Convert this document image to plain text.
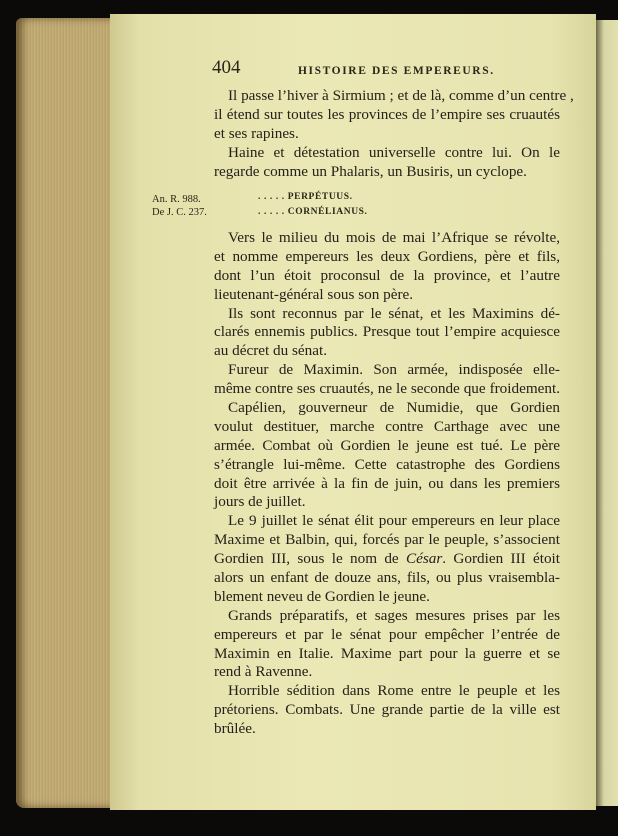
404	HISTOIRE DES EMPEREURS.
Il passe l’hiver à Sirmium ; et de là, comme d’un centre ,
il étend sur toutes les provinces de l’empire ses cruautés
et ses rapines.
Haine et détestation universelle contre lui. On le
regarde comme un Phalaris, un Busiris, un cyclope.
An. R. 988.
De J. C. 237.
. . . . . PERPÉTUUS.
. . . . . CORNÉLIANUS.
Vers le milieu du mois de mai l’Afrique se révolte,
et nomme empereurs les deux Gordiens, père et fils,
dont l’un étoit proconsul de la province, et l’autre
lieutenant-général sous son père.
Ils sont reconnus par le sénat, et les Maximins dé-
clarés ennemis publics. Presque tout l’empire acquiesce
au décret du sénat.
Fureur de Maximin. Son armée, indisposée elle-
même contre ses cruautés, ne le seconde que froidement.
Capélien, gouverneur de Numidie, que Gordien
voulut destituer, marche contre Carthage avec une
armée. Combat où Gordien le jeune est tué. Le père
s’étrangle lui-même. Cette catastrophe des Gordiens
doit être arrivée à la fin de juin, ou dans les premiers
jours de juillet.
Le 9 juillet le sénat élit pour empereurs en leur place
Maxime et Balbin, qui, forcés par le peuple, s’associent
Gordien III, sous le nom de César. Gordien III étoit
alors un enfant de douze ans, fils, ou plus vraisembla-
blement neveu de Gordien le jeune.
Grands préparatifs, et sages mesures prises par les
empereurs et par le sénat pour empêcher l’entrée de
Maximin en Italie. Maxime part pour la guerre et se
rend à Ravenne.
Horrible sédition dans Rome entre le peuple et les
prétoriens. Combats. Une grande partie de la ville est
brûlée.
